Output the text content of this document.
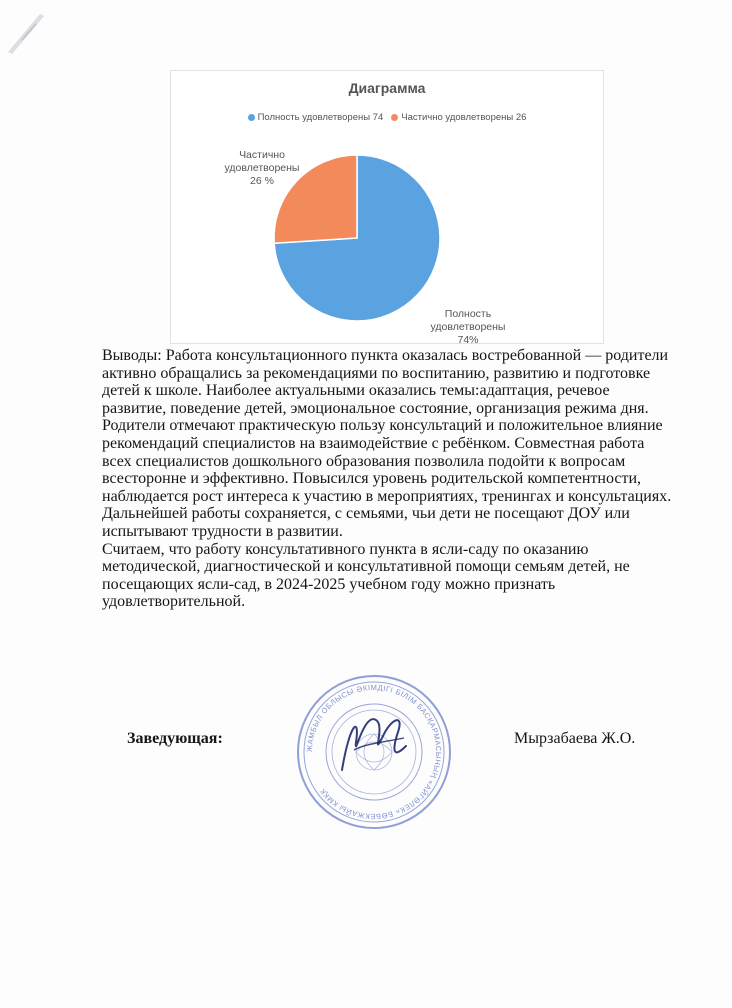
Диаграмма
Полность удовлетворены 74 Частично удовлетворены 26
Частично
удовлетворены
26 %
Полность
удовлетворены
74%

Выводы: Работа консультационного пункта оказалась востребованной — родители активно обращались за рекомендациями по воспитанию, развитию и подготовке детей к школе. Наиболее актуальными оказались темы:адаптация, речевое развитие, поведение детей, эмоциональное состояние, организация режима дня. Родители отмечают практическую пользу консультаций и положительное влияние рекомендаций специалистов на взаимодействие с ребёнком. Совместная работа всех специалистов дошкольного образования позволила подойти к вопросам всесторонне и эффективно. Повысился уровень родительской компетентности, наблюдается рост интереса к участию в мероприятиях, тренингах и консультациях.

Дальнейшей работы сохраняется, с семьями, чьи дети не посещают ДОУ или испытывают трудности в развитии.

Считаем, что работу консультативного пункта в ясли-саду по оказанию методической, диагностической и консультативной помощи семьям детей, не посещающих ясли-сад, в 2024-2025 учебном году можно признать удовлетворительной.

ЖАМБЫЛ ОБЛЫСЫ ӘКІМДІГІ БІЛІМ БАСҚАРМАСЫНЫҢ «АЙГӨЛЕК» БӨБЕКЖАЙЫ КМҚК
Заведующая:	Мырзабаева Ж.О.
